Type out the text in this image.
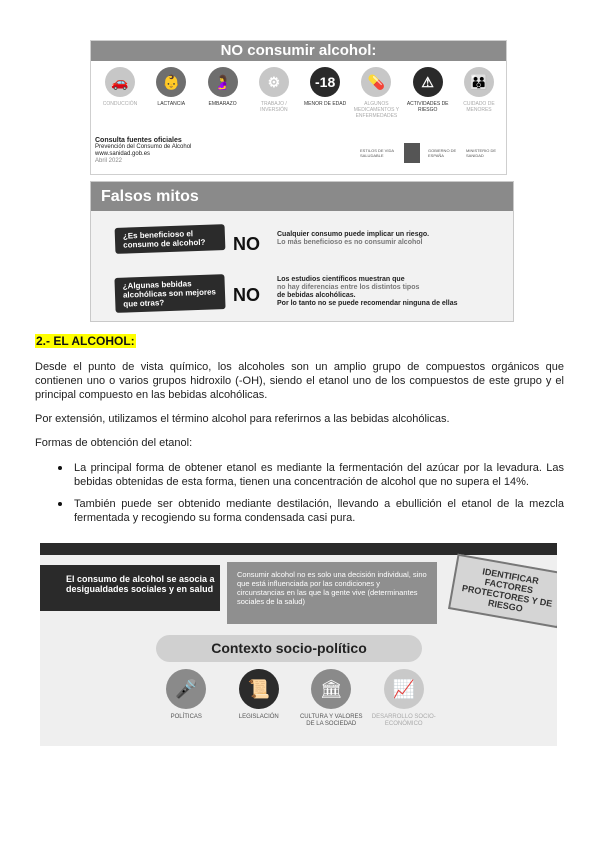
NO consumir alcohol:
🚗
CONDUCCIÓN
👶
LACTANCIA
🤰
EMBARAZO
⚙
TRABAJO / INVERSIÓN
-18
MENOR DE EDAD
💊
ALGUNOS MEDICAMENTOS Y ENFERMEDADES
⚠
ACTIVIDADES DE RIESGO
👪
CUIDADO DE MENORES
Consulta fuentes oficiales
Prevención del Consumo de Alcohol
www.sanidad.gob.es
Abril 2022
ESTILOS DE VIDA SALUDABLE
GOBIERNO DE ESPAÑA
MINISTERIO DE SANIDAD
Falsos mitos
¿Es beneficioso el consumo de alcohol?	NO Cualquier consumo puede implicar un riesgo.
Lo más beneficioso es no consumir alcohol
¿Algunas bebidas alcohólicas son mejores que otras?	NO
Los estudios científicos muestran que
no hay diferencias entre los distintos tipos
de bebidas alcohólicas.
Por lo tanto no se puede recomendar ninguna de ellas
2.- EL ALCOHOL:
Desde el punto de vista químico, los alcoholes son un amplio grupo de compuestos orgánicos que contienen uno o varios grupos hidroxilo (-OH), siendo el etanol uno de los compuestos de este grupo y el principal compuesto en las bebidas alcohólicas.
Por extensión, utilizamos el término alcohol para referirnos a las bebidas alcohólicas.
Formas de obtención del etanol:
La principal forma de obtener etanol es mediante la fermentación del azúcar por la levadura. Las bebidas obtenidas de esta forma, tienen una concentración de alcohol que no supera el 14%.
También puede ser obtenido mediante destilación, llevando a ebullición el etanol de la mezcla fermentada y recogiendo su forma condensada casi pura.
El consumo de alcohol se asocia a desigualdades sociales y en salud
Consumir alcohol no es solo una decisión individual, sino que está influenciada por las condiciones y circunstancias en las que la gente vive (determinantes sociales de la salud)
IDENTIFICAR FACTORES PROTECTORES Y DE RIESGO
Contexto socio-político
🎤
POLÍTICAS
📜
LEGISLACIÓN
🏛
CULTURA Y VALORES DE LA SOCIEDAD
📈
DESARROLLO SOCIO-ECONÓMICO
